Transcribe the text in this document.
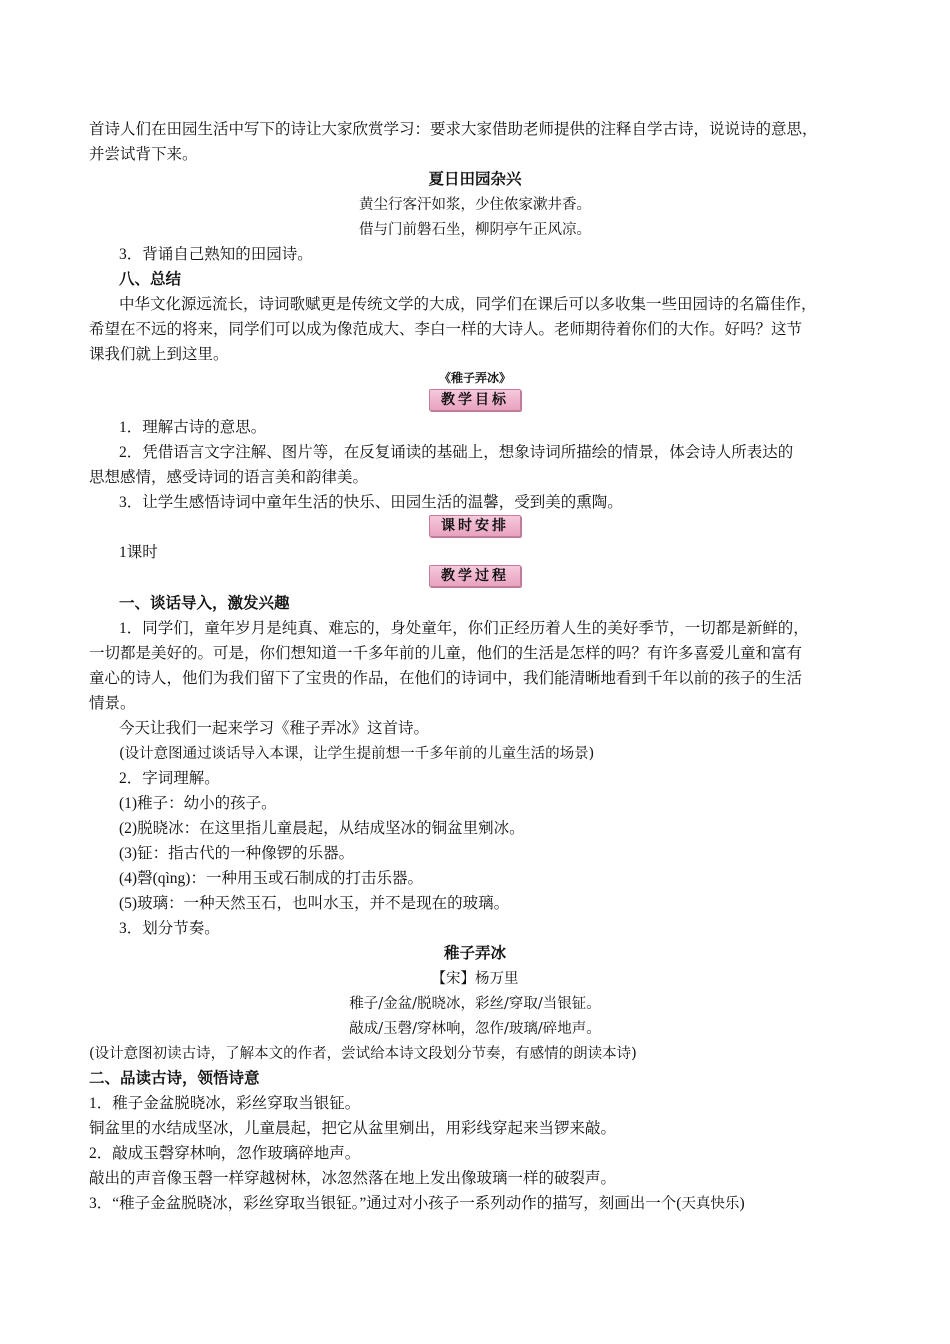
首诗人们在田园生活中写下的诗让大家欣赏学习：要求大家借助老师提供的注释自学古诗，说说诗的意思，
并尝试背下来。
夏日田园杂兴
黄尘行客汗如浆，少住侬家漱井香。
借与门前磐石坐，柳阴亭午正风凉。
3．背诵自己熟知的田园诗。
八、总结
中华文化源远流长，诗词歌赋更是传统文学的大成，同学们在课后可以多收集一些田园诗的名篇佳作，
希望在不远的将来，同学们可以成为像范成大、李白一样的大诗人。老师期待着你们的大作。好吗？这节
课我们就上到这里。
《稚子弄冰》
教学目标
1．理解古诗的意思。
2．凭借语言文字注解、图片等，在反复诵读的基础上，想象诗词所描绘的情景，体会诗人所表达的
思想感情，感受诗词的语言美和韵律美。
3．让学生感悟诗词中童年生活的快乐、田园生活的温馨，受到美的熏陶。
课时安排
1课时
教学过程
一、谈话导入，激发兴趣
1．同学们，童年岁月是纯真、难忘的，身处童年，你们正经历着人生的美好季节，一切都是新鲜的，
一切都是美好的。可是，你们想知道一千多年前的儿童，他们的生活是怎样的吗？有许多喜爱儿童和富有
童心的诗人，他们为我们留下了宝贵的作品，在他们的诗词中，我们能清晰地看到千年以前的孩子的生活
情景。
今天让我们一起来学习《稚子弄冰》这首诗。
(设计意图通过谈话导入本课，让学生提前想一千多年前的儿童生活的场景)
2．字词理解。
(1)稚子：幼小的孩子。
(2)脱晓冰：在这里指儿童晨起，从结成坚冰的铜盆里剜冰。
(3)钲：指古代的一种像锣的乐器。
(4)磬(qìng)：一种用玉或石制成的打击乐器。
(5)玻璃：一种天然玉石，也叫水玉，并不是现在的玻璃。
3．划分节奏。
稚子弄冰
【宋】杨万里
稚子/金盆/脱晓冰，彩丝/穿取/当银钲。
敲成/玉磬/穿林响，忽作/玻璃/碎地声。
(设计意图初读古诗，了解本文的作者，尝试给本诗文段划分节奏，有感情的朗读本诗)
二、品读古诗，领悟诗意
1．稚子金盆脱晓冰，彩丝穿取当银钲。
铜盆里的水结成坚冰，儿童晨起，把它从盆里剜出，用彩线穿起来当锣来敲。
2．敲成玉磬穿林响，忽作玻璃碎地声。
敲出的声音像玉磬一样穿越树林，冰忽然落在地上发出像玻璃一样的破裂声。
3．“稚子金盆脱晓冰，彩丝穿取当银钲。”通过对小孩子一系列动作的描写，刻画出一个(天真快乐)
